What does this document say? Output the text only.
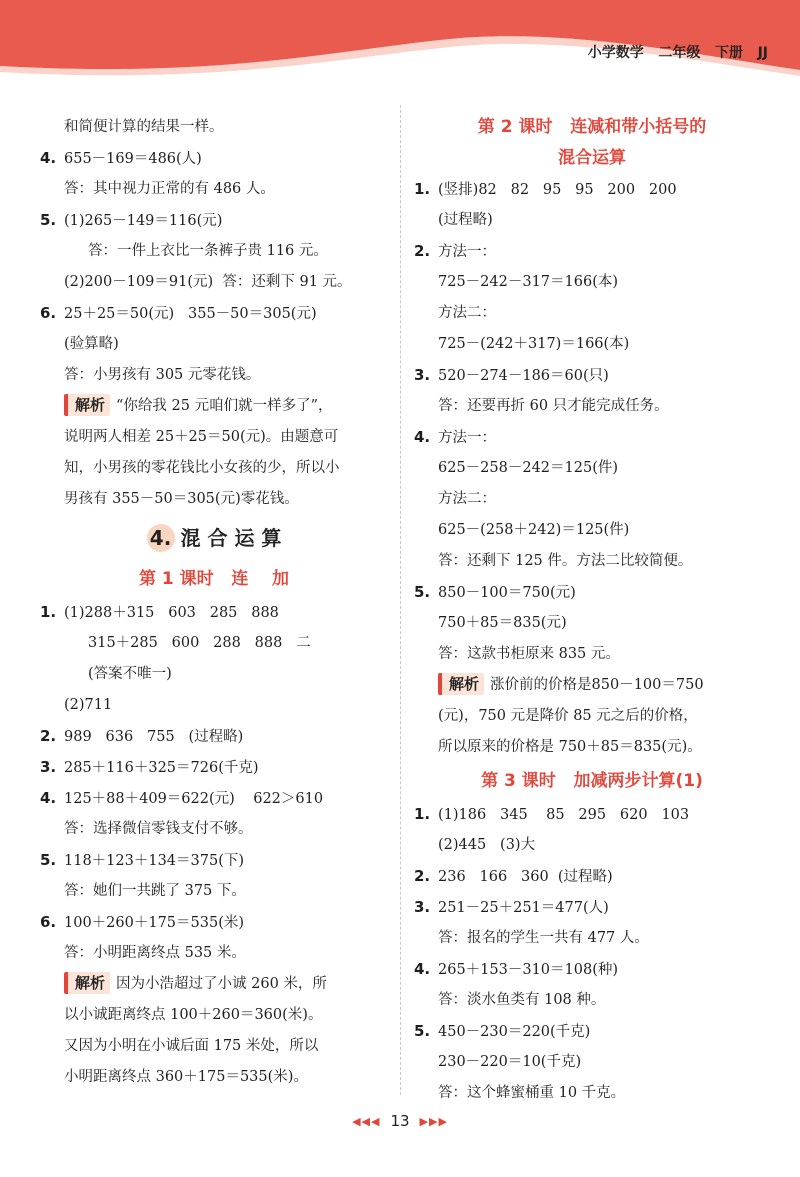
小学数学 二年级 下册 JJ
和简便计算的结果一样。
4. 655－169＝486(人)
答：其中视力正常的有 486 人。
5. (1)265－149＝116(元)
答：一件上衣比一条裤子贵 116 元。
(2)200－109＝91(元)  答：还剩下 91 元。
6. 25＋25＝50(元)   355－50＝305(元)
(验算略)
答：小男孩有 305 元零花钱。
解析 “你给我 25 元咱们就一样多了”，
说明两人相差 25＋25＝50(元)。由题意可
知，小男孩的零花钱比小女孩的少，所以小
男孩有 355－50＝305(元)零花钱。
4. 混 合 运 算
第 1 课时   连    加
1. (1)288＋315   603   285   888
315＋285   600   288   888   二
(答案不唯一)
(2)711
2. 989   636   755   (过程略)
3. 285＋116＋325＝726(千克)
4. 125＋88＋409＝622(元)    622＞610
答：选择微信零钱支付不够。
5. 118＋123＋134＝375(下)
答：她们一共跳了 375 下。
6. 100＋260＋175＝535(米)
答：小明距离终点 535 米。
解析 因为小浩超过了小诚 260 米，所
以小诚距离终点 100＋260＝360(米)。
又因为小明在小诚后面 175 米处，所以
小明距离终点 360＋175＝535(米)。
第 2 课时   连减和带小括号的
混合运算
1. (竖排)82   82   95   95   200   200
(过程略)
2. 方法一：
725－242－317＝166(本)
方法二：
725－(242＋317)＝166(本)
3. 520－274－186＝60(只)
答：还要再折 60 只才能完成任务。
4. 方法一：
625－258－242＝125(件)
方法二：
625－(258＋242)＝125(件)
答：还剩下 125 件。方法二比较简便。
5. 850－100＝750(元)
750＋85＝835(元)
答：这款书柜原来 835 元。
解析 涨价前的价格是850－100＝750
(元)，750 元是降价 85 元之后的价格，
所以原来的价格是 750＋85＝835(元)。
第 3 课时   加减两步计算(1)
1. (1)186   345    85   295   620   103
(2)445   (3)大
2. 236   166   360  (过程略)
3. 251－25＋251＝477(人)
答：报名的学生一共有 477 人。
4. 265＋153－310＝108(种)
答：淡水鱼类有 108 种。
5. 450－230＝220(千克)
230－220＝10(千克)
答：这个蜂蜜桶重 10 千克。
◀◀◀ 13 ▶▶▶
